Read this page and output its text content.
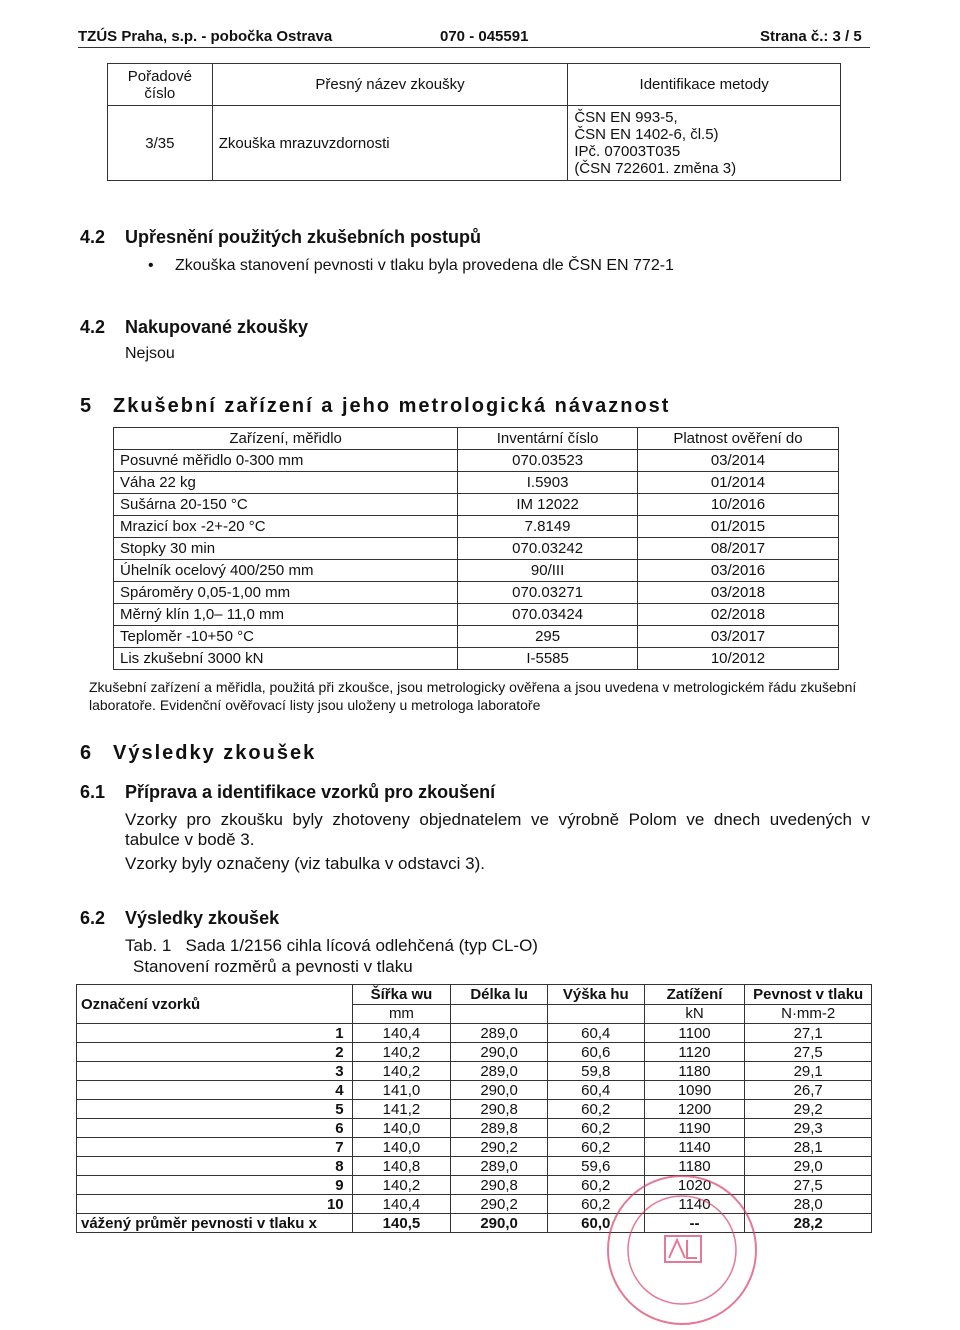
TZÚS Praha, s.p. - pobočka Ostrava	070 - 045591	Strana č.: 3 / 5
Pořadové číslo	Přesný název zkoušky	Identifikace metody
3/35	Zkouška mrazuvzdornosti	ČSN EN 993-5,
ČSN EN 1402-6, čl.5)
IPč. 07003T035
(ČSN 722601. změna 3)
4.2 Upřesnění použitých zkušebních postupů
• Zkouška stanovení pevnosti v tlaku byla provedena dle ČSN EN 772-1
4.2 Nakupované zkoušky
Nejsou
5 Zkušební zařízení a jeho metrologická návaznost
Zařízení, měřidlo	Inventární číslo	Platnost ověření do
Posuvné měřidlo 0-300 mm	070.03523	03/2014
Váha 22 kg	I.5903	01/2014
Sušárna 20-150 °C	IM 12022	10/2016
Mrazicí box -2+-20 °C	7.8149	01/2015
Stopky 30 min	070.03242	08/2017
Úhelník ocelový 400/250 mm	90/III	03/2016
Spároměry 0,05-1,00 mm	070.03271	03/2018
Měrný klín 1,0– 11,0 mm	070.03424	02/2018
Teploměr -10+50 °C	295	03/2017
Lis zkušební 3000 kN	I-5585	10/2012
Zkušební zařízení a měřidla, použitá při zkoušce, jsou metrologicky ověřena a jsou uvedena v metrologickém řádu zkušební laboratoře. Evidenční ověřovací listy jsou uloženy u metrologa laboratoře
6 Výsledky zkoušek
6.1 Příprava a identifikace vzorků pro zkoušení
Vzorky pro zkoušku byly zhotoveny objednatelem ve výrobně Polom ve dnech uvedených v tabulce v bodě 3.
Vzorky byly označeny (viz tabulka v odstavci 3).
6.2 Výsledky zkoušek
Tab. 1   Sada 1/2156 cihla lícová odlehčená (typ CL-O)
Stanovení rozměrů a pevnosti v tlaku
Označení vzorků	Šířka wu	Délka lu	Výška hu	Zatížení	Pevnost v tlaku
	mm			kN	N·mm-2
1	140,4	289,0	60,4	1100	27,1
2	140,2	290,0	60,6	1120	27,5
3	140,2	289,0	59,8	1180	29,1
4	141,0	290,0	60,4	1090	26,7
5	141,2	290,8	60,2	1200	29,2
6	140,0	289,8	60,2	1190	29,3
7	140,0	290,2	60,2	1140	28,1
8	140,8	289,0	59,6	1180	29,0
9	140,2	290,8	60,2	1020	27,5
10	140,4	290,2	60,2	1140	28,0
vážený průměr pevnosti v tlaku x	140,5	290,0	60,0	--	28,2
